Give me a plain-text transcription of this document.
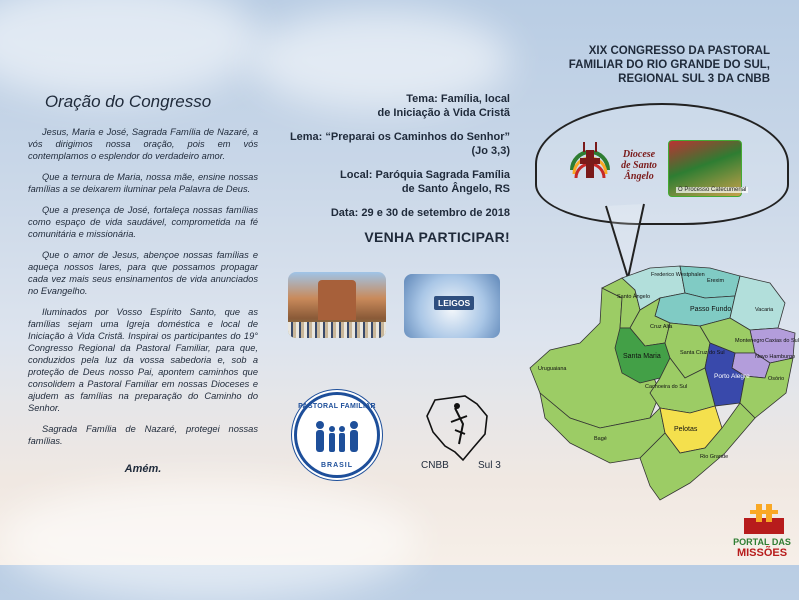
Oração do Congresso

Jesus, Maria e José, Sagrada Família de Nazaré, a vós dirigimos nossa oração, pois em vós contemplamos o esplendor do verdadeiro amor.

Que a ternura de Maria, nossa mãe, ensine nossas famílias a se deixarem iluminar pela Palavra de Deus.

Que a presença de José, fortaleça nossas famílias como espaço de vida saudável, comprometida na fé comunitária e missionária.

Que o amor de Jesus, abençoe nossas famílias e aqueça nossos lares, para que possamos propagar cada vez mais seus ensinamentos de vida anunciados no Evangelho.

Iluminados por Vosso Espírito Santo, que as famílias sejam uma Igreja doméstica e local de Iniciação à Vida Cristã. Inspirai os participantes do 19° Congresso Regional da Pastoral Familiar, para que, conduzidos pela luz da vossa sabedoria e, sob a proteção de Deus nosso Pai, apontem caminhos que consolidem a Pastoral Familiar em nossas Dioceses e ajudem as famílias na preparação do Caminho do Senhor.

Sagrada Família de Nazaré, protegei nossas famílias.

Amém.

Tema: Família, local
de Iniciação à Vida Cristã
Lema: “Preparai os Caminhos do Senhor”
(Jo 3,3)
Local: Paróquia Sagrada Família
de Santo Ângelo, RS
Data: 29 e 30 de setembro de 2018
VENHA PARTICIPAR!
LEIGOS
PASTORAL FAMILIAR
BRASIL	CNBB	Sul 3
XIX CONGRESSO DA PASTORAL
FAMILIAR DO RIO GRANDE DO SUL,
REGIONAL SUL 3 DA CNBB
Diocese
de Santo
Ângelo
O Processo Catecumenal
Frederico Westphalen
Erexim
Santo Ângelo
Passo Fundo	Vacaria
Caxias do Sul
Cruz Alta
Santa Maria
Uruguaiana
Santa Cruz do Sul
Montenegro
Novo Hamburgo
Osório
Porto Alegre
Cachoeira do Sul
Bagé
Pelotas
Rio Grande
PORTAL DAS
MISSÕES
